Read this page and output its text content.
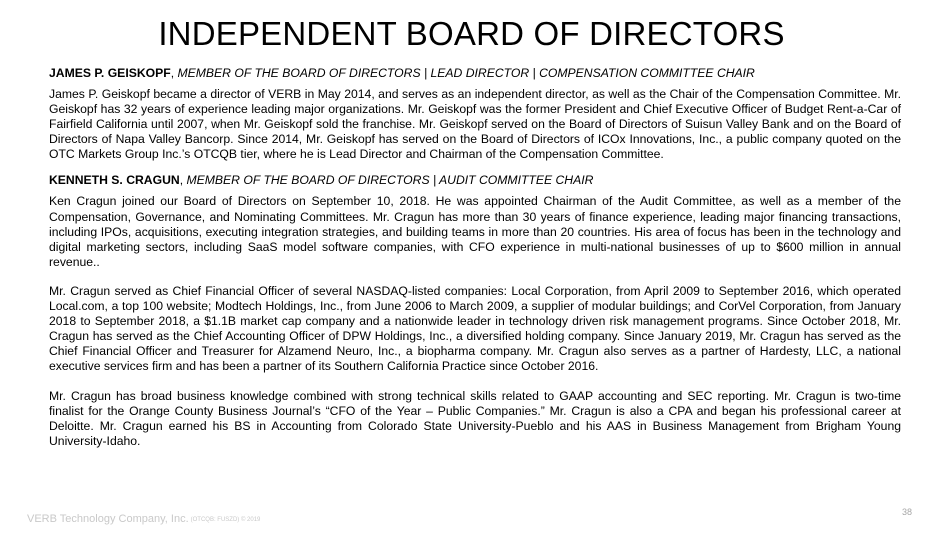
INDEPENDENT BOARD OF DIRECTORS

JAMES P. GEISKOPF, MEMBER OF THE BOARD OF DIRECTORS | LEAD DIRECTOR | COMPENSATION COMMITTEE CHAIR

James P. Geiskopf became a director of VERB in May 2014, and serves as an independent director, as well as the Chair of the Compensation Committee. Mr. Geiskopf has 32 years of experience leading major organizations. Mr. Geiskopf was the former President and Chief Executive Officer of Budget Rent-a-Car of Fairfield California until 2007, when Mr. Geiskopf sold the franchise. Mr. Geiskopf served on the Board of Directors of Suisun Valley Bank and on the Board of Directors of Napa Valley Bancorp. Since 2014, Mr. Geiskopf has served on the Board of Directors of ICOx Innovations, Inc., a public company quoted on the OTC Markets Group Inc.’s OTCQB tier, where he is Lead Director and Chairman of the Compensation Committee.

KENNETH S. CRAGUN, MEMBER OF THE BOARD OF DIRECTORS | AUDIT COMMITTEE CHAIR

Ken Cragun joined our Board of Directors on September 10, 2018. He was appointed Chairman of the Audit Committee, as well as a member of the Compensation, Governance, and Nominating Committees. Mr. Cragun has more than 30 years of finance experience, leading major financing transactions, including IPOs, acquisitions, executing integration strategies, and building teams in more than 20 countries. His area of focus has been in the technology and digital marketing sectors, including SaaS model software companies, with CFO experience in multi-national businesses of up to $600 million in annual revenue..

Mr. Cragun served as Chief Financial Officer of several NASDAQ-listed companies: Local Corporation, from April 2009 to September 2016, which operated Local.com, a top 100 website; Modtech Holdings, Inc., from June 2006 to March 2009, a supplier of modular buildings; and CorVel Corporation, from January 2018 to September 2018, a $1.1B market cap company and a nationwide leader in technology driven risk management programs. Since October 2018, Mr. Cragun has served as the Chief Accounting Officer of DPW Holdings, Inc., a diversified holding company. Since January 2019, Mr. Cragun has served as the Chief Financial Officer and Treasurer for Alzamend Neuro, Inc., a biopharma company. Mr. Cragun also serves as a partner of Hardesty, LLC, a national executive services firm and has been a partner of its Southern California Practice since October 2016.

Mr. Cragun has broad business knowledge combined with strong technical skills related to GAAP accounting and SEC reporting. Mr. Cragun is two-time finalist for the Orange County Business Journal’s “CFO of the Year – Public Companies.” Mr. Cragun is also a CPA and began his professional career at Deloitte. Mr. Cragun earned his BS in Accounting from Colorado State University-Pueblo and his AAS in Business Management from Brigham Young University-Idaho.

VERB Technology Company, Inc. (OTCQB: FUSZD) © 2019
38
